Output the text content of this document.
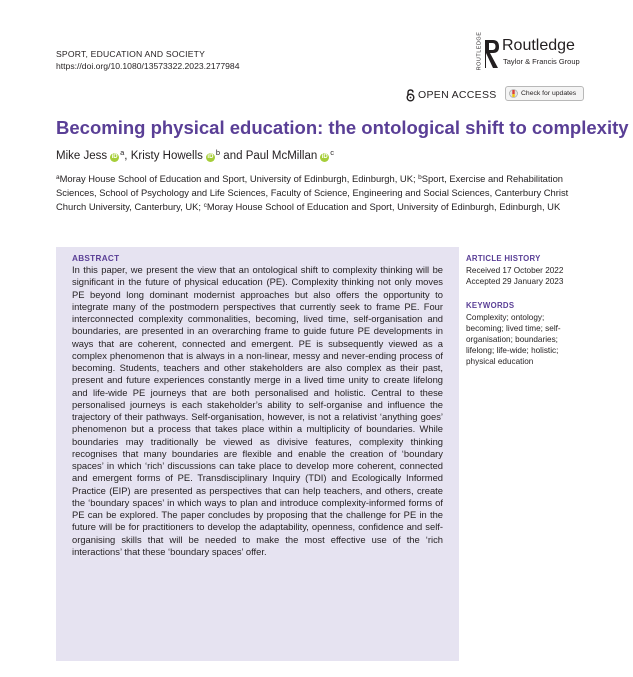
SPORT, EDUCATION AND SOCIETY
https://doi.org/10.1080/13573322.2023.2177984	ROUTLEDGE Routledge
Taylor & Francis Group
OPEN ACCESS	Check for updates
Becoming physical education: the ontological shift to complexity
Mike Jess iD $^a$, Kristy Howells iD $^b$ and Paul McMillan iD $^c$
$^a$Moray House School of Education and Sport, University of Edinburgh, Edinburgh, UK; $^b$Sport, Exercise and Rehabilitation Sciences, School of Psychology and Life Sciences, Faculty of Science, Engineering and Social Sciences, Canterbury Christ Church University, Canterbury, UK; $^c$Moray House School of Education and Sport, University of Edinburgh, Edinburgh, UK

ABSTRACT

In this paper, we present the view that an ontological shift to complexity thinking will be significant in the future of physical education (PE). Complexity thinking not only moves PE beyond long dominant modernist approaches but also offers the opportunity to integrate many of the postmodern perspectives that currently seek to frame PE. Four interconnected complexity commonalities, becoming, lived time, self-organisation and boundaries, are presented in an overarching frame to guide future PE developments in ways that are coherent, connected and emergent. PE is subsequently viewed as a complex phenomenon that is always in a non-linear, messy and never-ending process of becoming. Students, teachers and other stakeholders are also complex as their past, present and future experiences constantly merge in a lived time unity to create lifelong and life-wide PE journeys that are both personalised and holistic. Central to these personalised journeys is each stakeholder’s ability to self-organise and influence the trajectory of their pathways. Self-organisation, however, is not a relativist ‘anything goes’ phenomenon but a process that takes place within a multiplicity of boundaries. While boundaries may traditionally be viewed as divisive features, complexity thinking recognises that many boundaries are flexible and enable the creation of ‘boundary spaces’ in which ‘rich’ discussions can take place to develop more coherent, connected and emergent forms of PE. Transdisciplinary Inquiry (TDI) and Ecologically Informed Practice (EIP) are presented as perspectives that can help teachers, and others, create the ‘boundary spaces’ in which ways to plan and introduce complexity-informed forms of PE can be explored. The paper concludes by proposing that the challenge for PE in the future will be for practitioners to develop the adaptability, openness, confidence and self-organising skills that will be needed to make the most effective use of the ‘rich interactions’ that these ‘boundary spaces’ offer.

ARTICLE HISTORY
Received 17 October 2022
Accepted 29 January 2023
KEYWORDS
Complexity; ontology; becoming; lived time; self-organisation; boundaries; lifelong; life-wide; holistic; physical education
